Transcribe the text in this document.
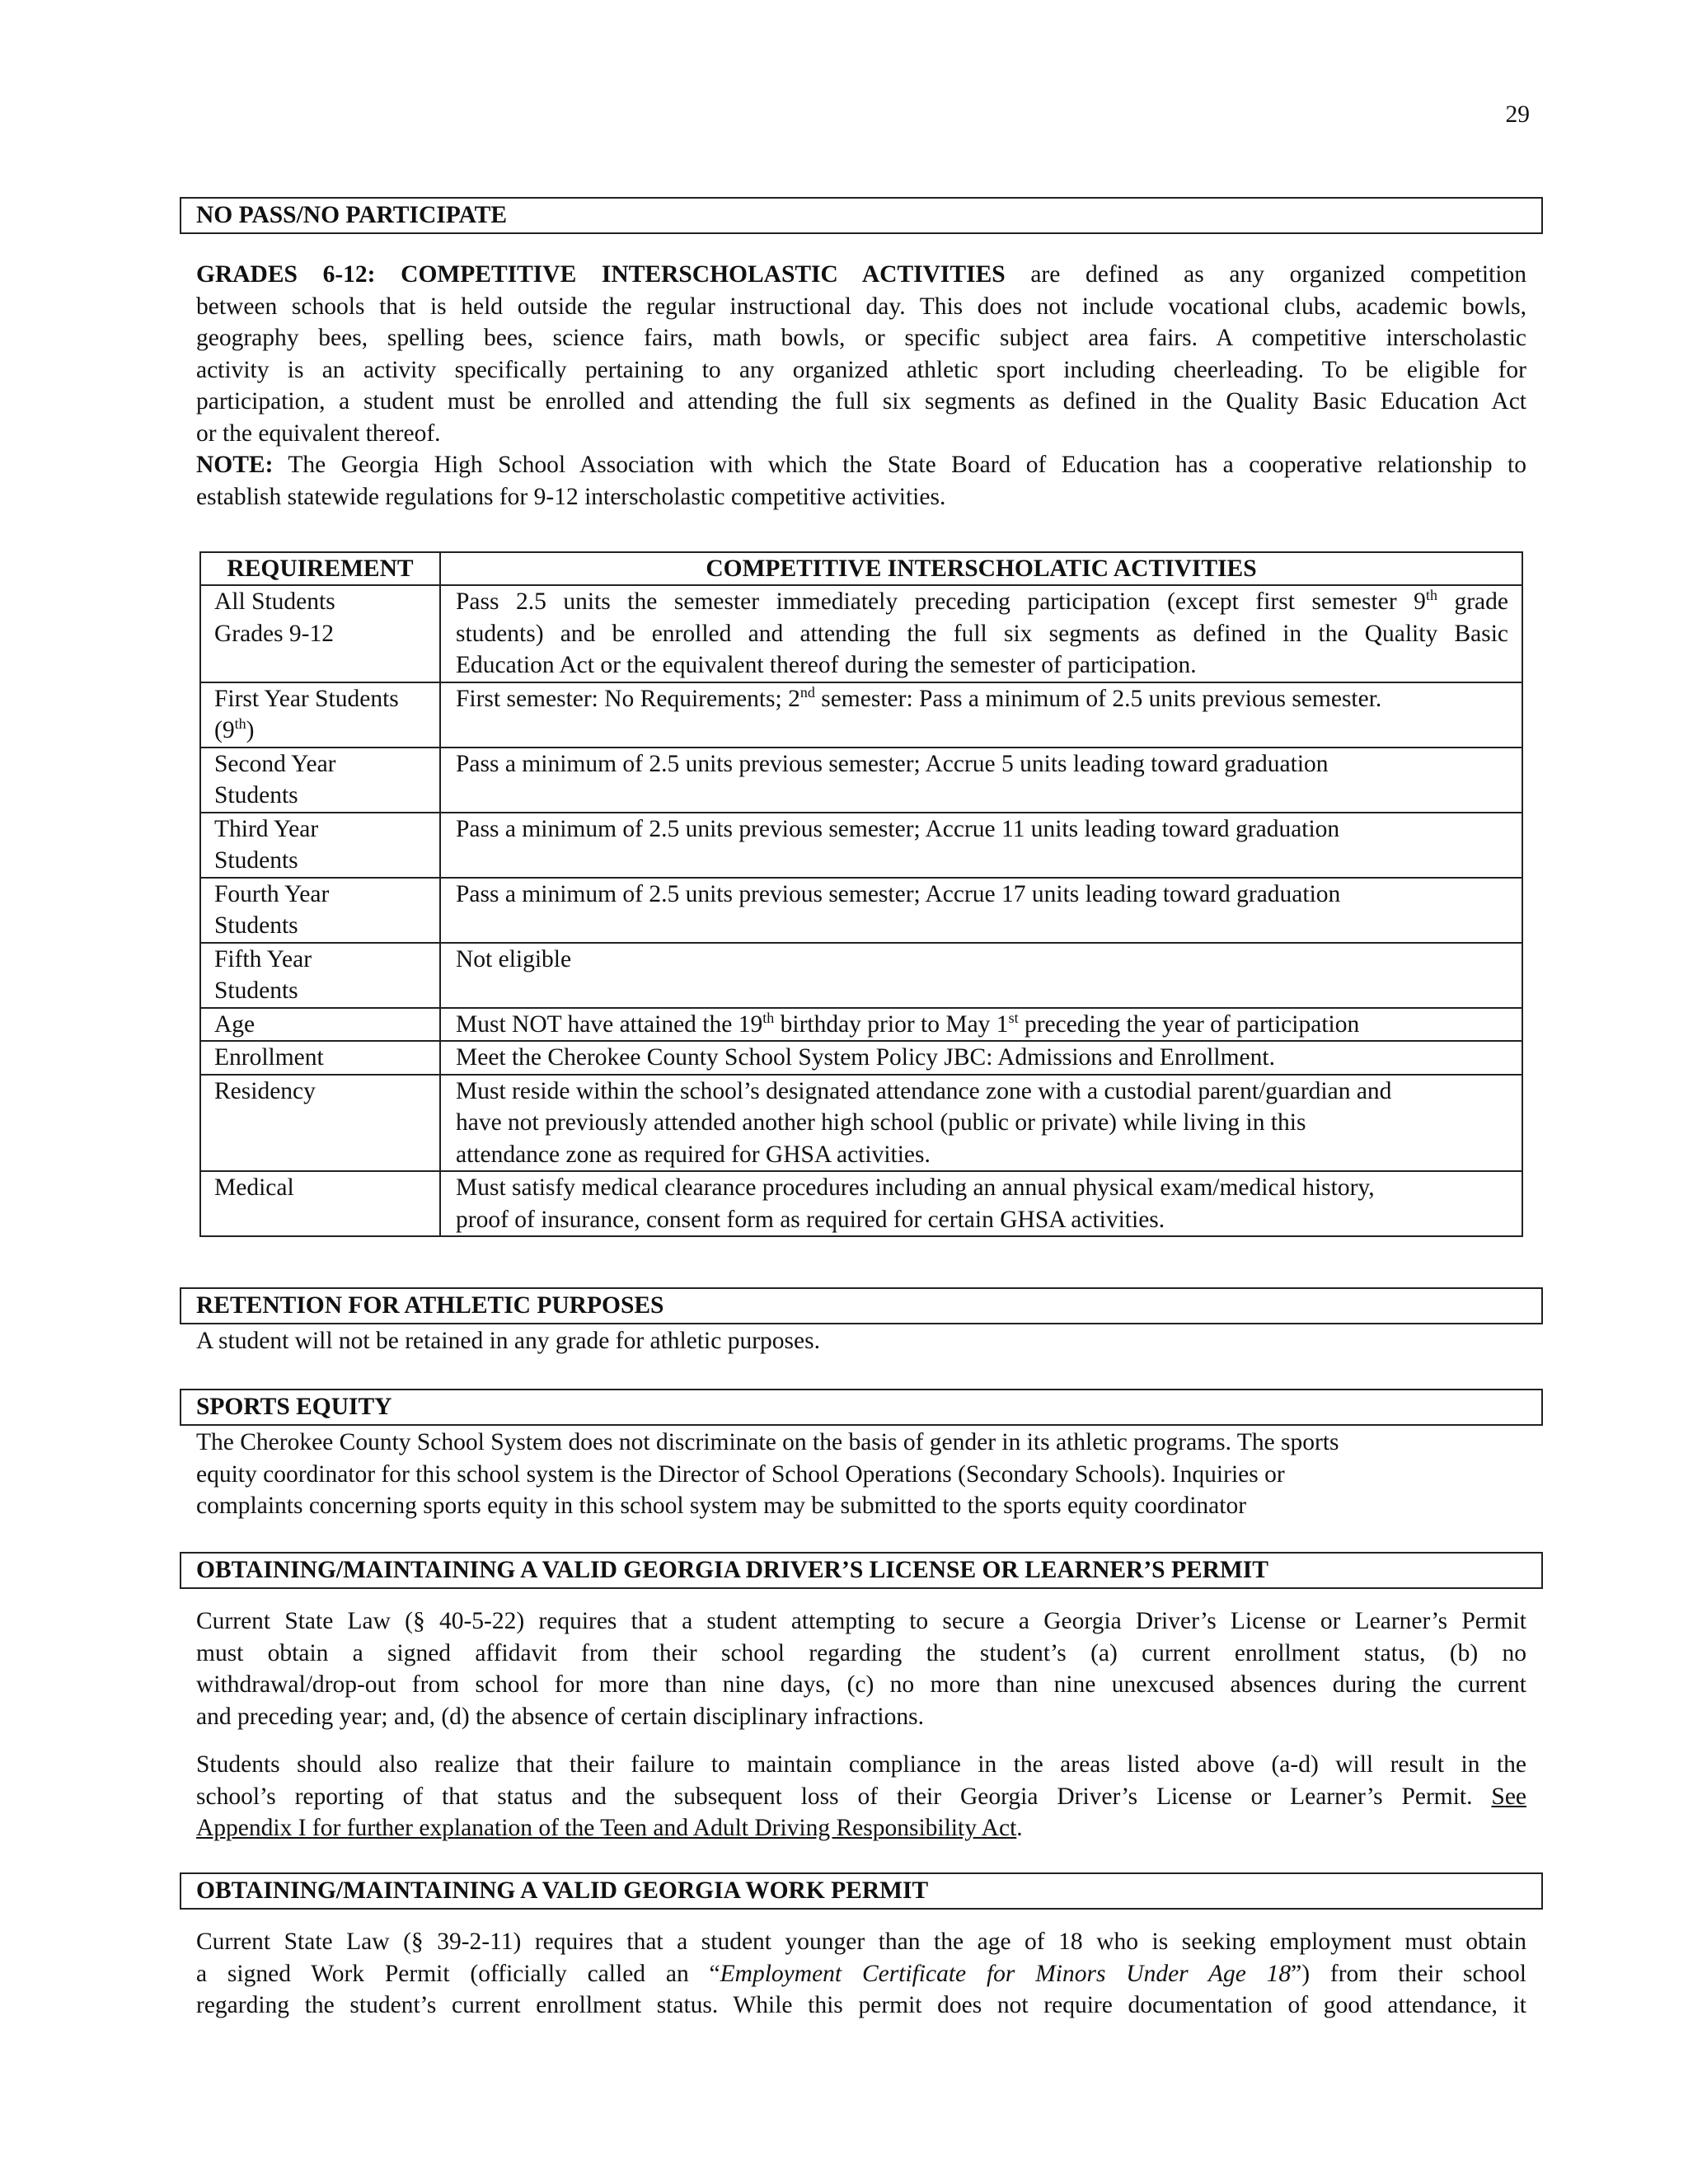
29
NO PASS/NO PARTICIPATE
GRADES 6-12: COMPETITIVE INTERSCHOLASTIC ACTIVITIES are defined as any organized competition
between schools that is held outside the regular instructional day. This does not include vocational clubs, academic bowls,
geography bees, spelling bees, science fairs, math bowls, or specific subject area fairs. A competitive interscholastic
activity is an activity specifically pertaining to any organized athletic sport including cheerleading. To be eligible for
participation, a student must be enrolled and attending the full six segments as defined in the Quality Basic Education Act
or the equivalent thereof.
NOTE: The Georgia High School Association with which the State Board of Education has a cooperative relationship to
establish statewide regulations for 9-12 interscholastic competitive activities.
REQUIREMENT	COMPETITIVE INTERSCHOLATIC ACTIVITIES

All Students
Grades 9-12	Pass 2.5 units the semester immediately preceding participation (except first semester 9th grade
students) and be enrolled and attending the full six segments as defined in the Quality Basic
Education Act or the equivalent thereof during the semester of participation.

First Year Students
(9th)	First semester: No Requirements; 2nd semester: Pass a minimum of 2.5 units previous semester.

Second Year
Students	Pass a minimum of 2.5 units previous semester; Accrue 5 units leading toward graduation

Third Year
Students	Pass a minimum of 2.5 units previous semester; Accrue 11 units leading toward graduation

Fourth Year
Students	Pass a minimum of 2.5 units previous semester; Accrue 17 units leading toward graduation

Fifth Year
Students	Not eligible
Age	Must NOT have attained the 19th birthday prior to May 1st preceding the year of participation
Enrollment	Meet the Cherokee County School System Policy JBC: Admissions and Enrollment.
Residency	Must reside within the school’s designated attendance zone with a custodial parent/guardian and
have not previously attended another high school (public or private) while living in this
attendance zone as required for GHSA activities.

Medical	Must satisfy medical clearance procedures including an annual physical exam/medical history,
proof of insurance, consent form as required for certain GHSA activities.
RETENTION FOR ATHLETIC PURPOSES
A student will not be retained in any grade for athletic purposes.
SPORTS EQUITY
The Cherokee County School System does not discriminate on the basis of gender in its athletic programs. The sports
equity coordinator for this school system is the Director of School Operations (Secondary Schools). Inquiries or
complaints concerning sports equity in this school system may be submitted to the sports equity coordinator
OBTAINING/MAINTAINING A VALID GEORGIA DRIVER’S LICENSE OR LEARNER’S PERMIT
Current State Law (§ 40-5-22) requires that a student attempting to secure a Georgia Driver’s License or Learner’s Permit
must obtain a signed affidavit from their school regarding the student’s (a) current enrollment status, (b) no
withdrawal/drop-out from school for more than nine days, (c) no more than nine unexcused absences during the current
and preceding year; and, (d) the absence of certain disciplinary infractions.
Students should also realize that their failure to maintain compliance in the areas listed above (a-d) will result in the
school’s reporting of that status and the subsequent loss of their Georgia Driver’s License or Learner’s Permit. See
Appendix I for further explanation of the Teen and Adult Driving Responsibility Act.
OBTAINING/MAINTAINING A VALID GEORGIA WORK PERMIT
Current State Law (§ 39-2-11) requires that a student younger than the age of 18 who is seeking employment must obtain
a signed Work Permit (officially called an “Employment Certificate for Minors Under Age 18”) from their school
regarding the student’s current enrollment status. While this permit does not require documentation of good attendance, it
